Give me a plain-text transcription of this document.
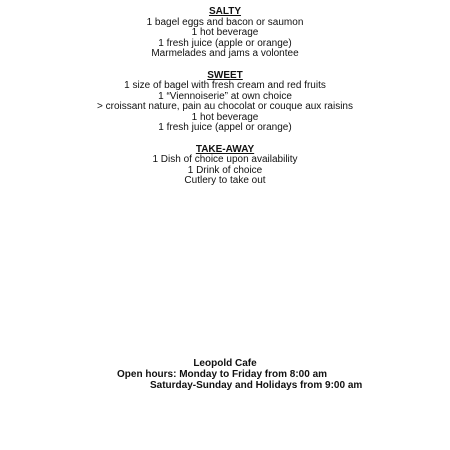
SALTY
1 bagel eggs and bacon or saumon
1 hot beverage
1 fresh juice (apple or orange)
Marmelades and jams a volontee
SWEET
1 size of bagel with fresh cream and red fruits
1 “Viennoiserie” at own choice
> croissant nature, pain au chocolat or couque aux raisins
1 hot beverage
1 fresh juice (appel or orange)
TAKE-AWAY
1 Dish of choice upon availability
1 Drink of choice
Cutlery to take out
Leopold Cafe
Open hours: Monday to Friday from 8:00 am
Saturday-Sunday and Holidays from 9:00 am
